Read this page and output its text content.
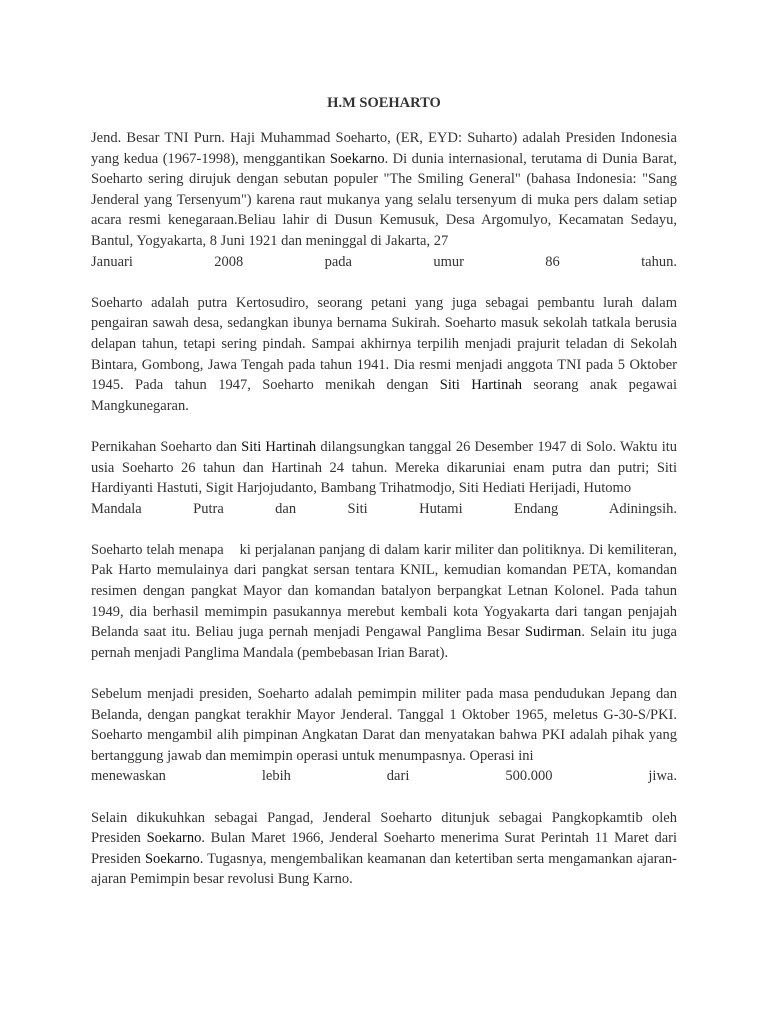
H.M SOEHARTO
Jend. Besar TNI Purn. Haji Muhammad Soeharto, (ER, EYD: Suharto) adalah Presiden Indonesia yang kedua (1967-1998), menggantikan Soekarno. Di dunia internasional, terutama di Dunia Barat, Soeharto sering dirujuk dengan sebutan populer "The Smiling General" (bahasa Indonesia: "Sang Jenderal yang Tersenyum") karena raut mukanya yang selalu tersenyum di muka pers dalam setiap acara resmi kenegaraan.Beliau lahir di Dusun Kemusuk, Desa Argomulyo, Kecamatan Sedayu, Bantul, Yogyakarta, 8 Juni 1921 dan meninggal di Jakarta, 27
Januari 2008 pada umur 86 tahun.
Soeharto adalah putra Kertosudiro, seorang petani yang juga sebagai pembantu lurah dalam pengairan sawah desa, sedangkan ibunya bernama Sukirah. Soeharto masuk sekolah tatkala berusia delapan tahun, tetapi sering pindah. Sampai akhirnya terpilih menjadi prajurit teladan di Sekolah Bintara, Gombong, Jawa Tengah pada tahun 1941. Dia resmi menjadi anggota TNI pada 5 Oktober 1945. Pada tahun 1947, Soeharto menikah dengan Siti Hartinah seorang anak pegawai Mangkunegaran.
Pernikahan Soeharto dan Siti Hartinah dilangsungkan tanggal 26 Desember 1947 di Solo. Waktu itu usia Soeharto 26 tahun dan Hartinah 24 tahun. Mereka dikaruniai enam putra dan putri; Siti Hardiyanti Hastuti, Sigit Harjojudanto, Bambang Trihatmodjo, Siti Hediati Herijadi, Hutomo
Mandala Putra dan Siti Hutami Endang Adiningsih.
Soeharto telah menapa    ki perjalanan panjang di dalam karir militer dan politiknya. Di kemiliteran, Pak Harto memulainya dari pangkat sersan tentara KNIL, kemudian komandan PETA, komandan resimen dengan pangkat Mayor dan komandan batalyon berpangkat Letnan Kolonel. Pada tahun 1949, dia berhasil memimpin pasukannya merebut kembali kota Yogyakarta dari tangan penjajah Belanda saat itu. Beliau juga pernah menjadi Pengawal Panglima Besar Sudirman. Selain itu juga pernah menjadi Panglima Mandala (pembebasan Irian Barat).
Sebelum menjadi presiden, Soeharto adalah pemimpin militer pada masa pendudukan Jepang dan Belanda, dengan pangkat terakhir Mayor Jenderal. Tanggal 1 Oktober 1965, meletus G-30-S/PKI. Soeharto mengambil alih pimpinan Angkatan Darat dan menyatakan bahwa PKI adalah pihak yang bertanggung jawab dan memimpin operasi untuk menumpasnya. Operasi ini
menewaskan lebih dari 500.000 jiwa.
Selain dikukuhkan sebagai Pangad, Jenderal Soeharto ditunjuk sebagai Pangkopkamtib oleh Presiden Soekarno. Bulan Maret 1966, Jenderal Soeharto menerima Surat Perintah 11 Maret dari Presiden Soekarno. Tugasnya, mengembalikan keamanan dan ketertiban serta mengamankan ajaran-ajaran Pemimpin besar revolusi Bung Karno.
